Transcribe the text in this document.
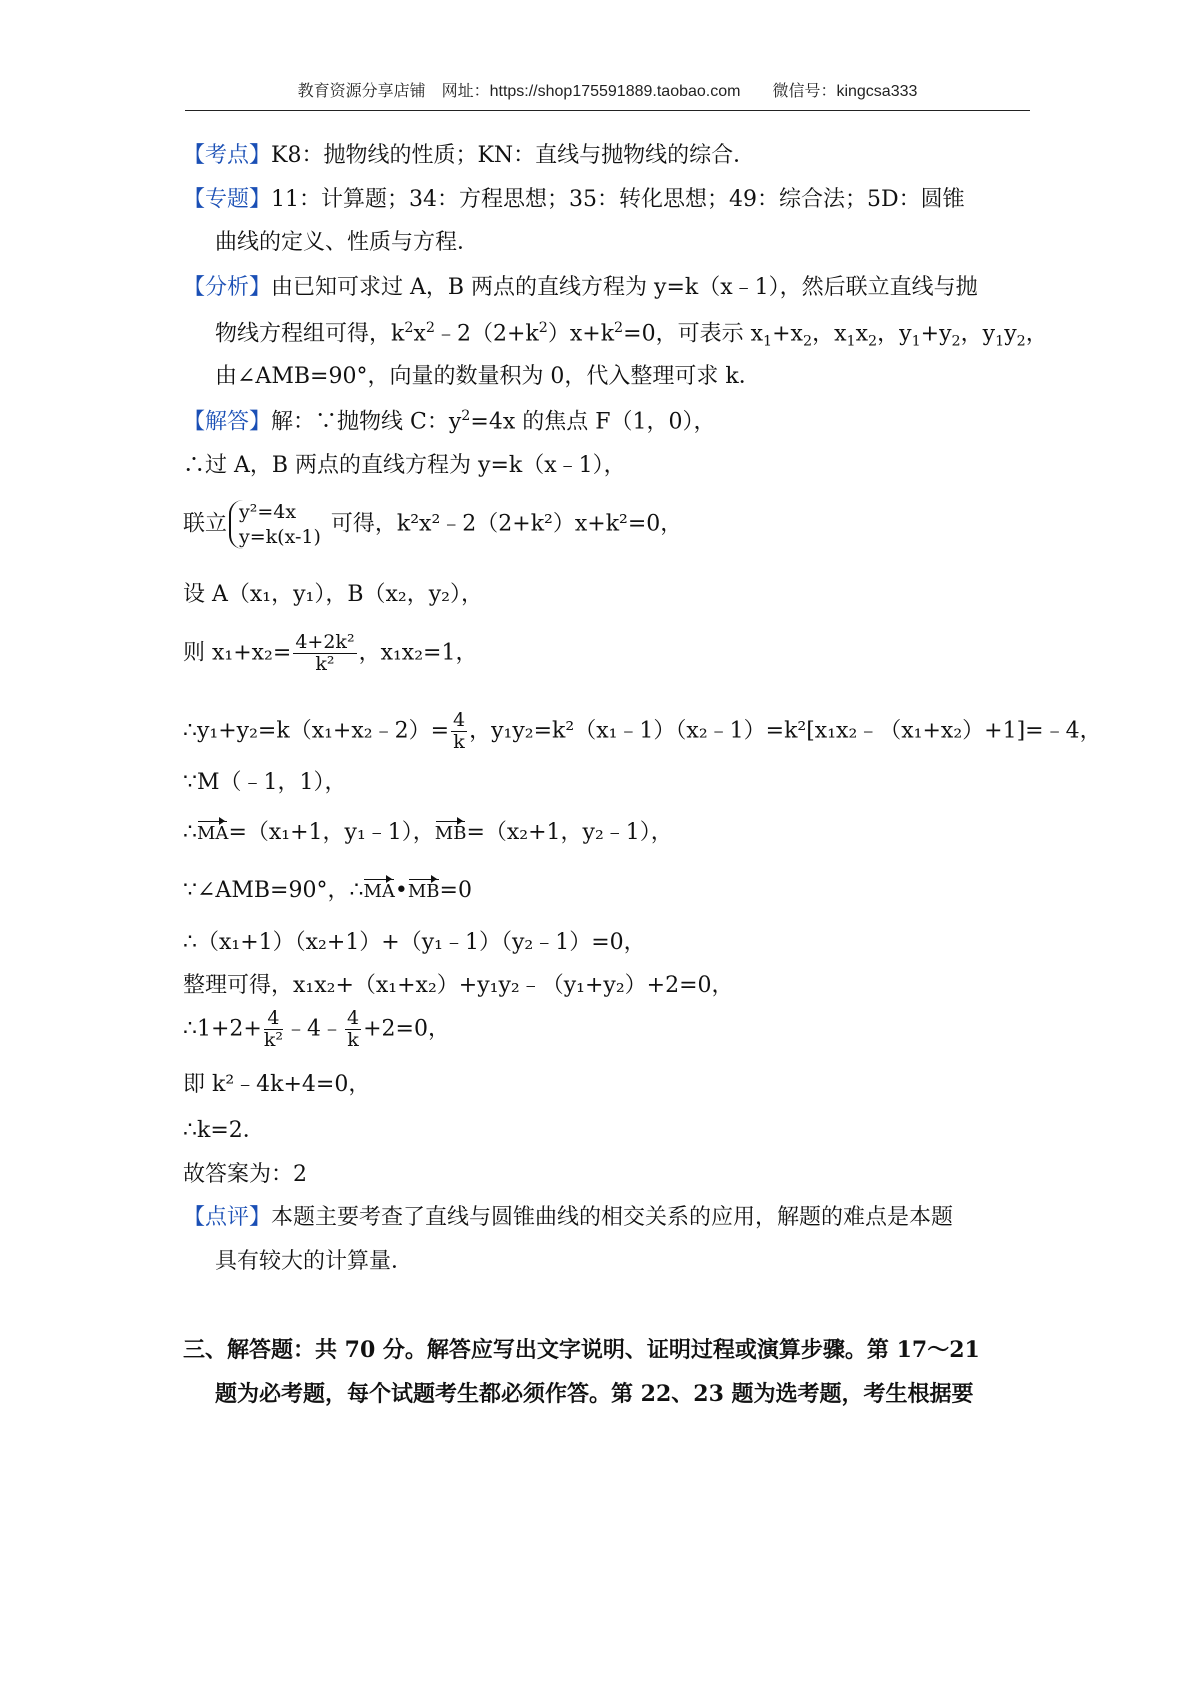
教育资源分享店铺　网址：https://shop175591889.taobao.com　　微信号：kingcsa333
【考点】K8：抛物线的性质；KN：直线与抛物线的综合．
【专题】11：计算题；34：方程思想；35：转化思想；49：综合法；5D：圆锥
曲线的定义、性质与方程．
【分析】由已知可求过 A，B 两点的直线方程为 y=k（x﹣1），然后联立直线与抛
物线方程组可得，$k^2x^2﹣2(2+k^2)x+k^2=0$，可表示 $x_1+x_2$，$x_1x_2$，$y_1+y_2$，$y_1y_2$，
由∠AMB=90°，向量的数量积为 0，代入整理可求 k．
【解答】解：∵抛物线 C：$y^2=4x$ 的焦点 F（1，0），
∴过 A，B 两点的直线方程为 y=k（x﹣1），
联立 y²=4x
y=k(x-1) 可得，k²x²﹣2（2+k²）x+k²=0，
设 A（x₁，y₁），B（x₂，y₂），
则 $x_1+x_2= \frac{\text{4+2k²}}{\text{k²}}$ ，x₁x₂=1，
∴y₁+y₂=k（x₁+x₂﹣2）= $\frac{4}{k}$ ，y₁y₂=k²（x₁﹣1）（x₂﹣1）=k²[x₁x₂﹣（x₁+x₂）+1]=﹣4，
∵M（﹣1，1），
∴MA=（x₁+1，y₁﹣1），MB=（x₂+1，y₂﹣1），
∵∠AMB=90°，∴MA•MB=0
∴（x₁+1）（x₂+1）+（y₁﹣1）（y₂﹣1）=0，
整理可得，x₁x₂+（x₁+x₂）+y₁y₂﹣（y₁+y₂）+2=0，
∴1+2+ $\frac{4}{\text{k²}}$ ﹣4﹣ $\frac{4}{k} +2=0$，
即 k²﹣4k+4=0，
∴k=2．
故答案为：2
【点评】本题主要考查了直线与圆锥曲线的相交关系的应用，解题的难点是本题
具有较大的计算量．
三、解答题：共 70 分。解答应写出文字说明、证明过程或演算步骤。第 17～21
题为必考题，每个试题考生都必须作答。第 22、23 题为选考题，考生根据要
